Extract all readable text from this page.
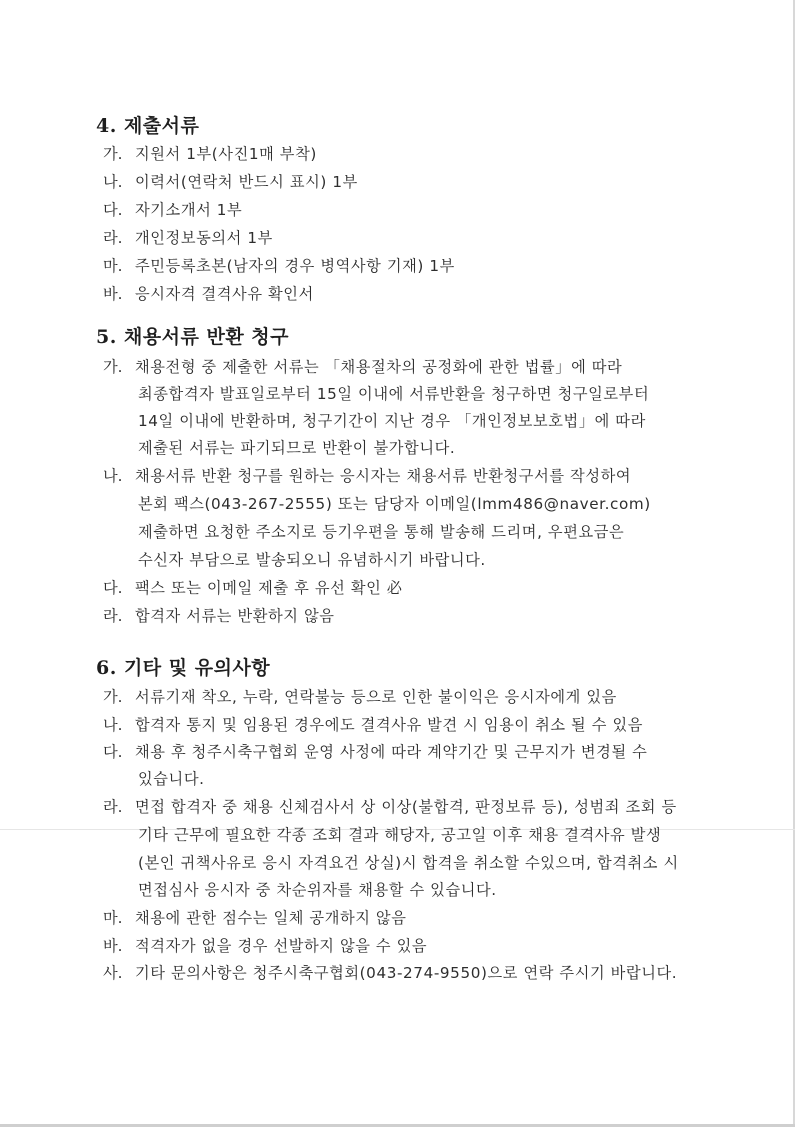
4. 제출서류
가. 지원서 1부(사진1매 부착)
나. 이력서(연락처 반드시 표시) 1부
다. 자기소개서 1부
라. 개인정보동의서 1부
마. 주민등록초본(남자의 경우 병역사항 기재) 1부
바. 응시자격 결격사유 확인서
5. 채용서류 반환 청구
가. 채용전형 중 제출한 서류는 「채용절차의 공정화에 관한 법률」에 따라
최종합격자 발표일로부터 15일 이내에 서류반환을 청구하면 청구일로부터
14일 이내에 반환하며, 청구기간이 지난 경우 「개인정보보호법」에 따라
제출된 서류는 파기되므로 반환이 불가합니다.
나. 채용서류 반환 청구를 원하는 응시자는 채용서류 반환청구서를 작성하여
본회 팩스(043-267-2555) 또는 담당자 이메일(lmm486@naver.com)
제출하면 요청한 주소지로 등기우편을 통해 발송해 드리며, 우편요금은
수신자 부담으로 발송되오니 유념하시기 바랍니다.
다. 팩스 또는 이메일 제출 후 유선 확인 必
라. 합격자 서류는 반환하지 않음
6. 기타 및 유의사항
가. 서류기재 착오, 누락, 연락불능 등으로 인한 불이익은 응시자에게 있음
나. 합격자 통지 및 임용된 경우에도 결격사유 발견 시 임용이 취소 될 수 있음
다. 채용 후 청주시축구협회 운영 사정에 따라 계약기간 및 근무지가 변경될 수
있습니다.
라. 면접 합격자 중 채용 신체검사서 상 이상(불합격, 판정보류 등), 성범죄 조회 등
기타 근무에 필요한 각종 조회 결과 해당자, 공고일 이후 채용 결격사유 발생
(본인 귀책사유로 응시 자격요건 상실)시 합격을 취소할 수있으며, 합격취소 시
면접심사 응시자 중 차순위자를 채용할 수 있습니다.
마. 채용에 관한 점수는 일체 공개하지 않음
바. 적격자가 없을 경우 선발하지 않을 수 있음
사. 기타 문의사항은 청주시축구협회(043-274-9550)으로 연락 주시기 바랍니다.
